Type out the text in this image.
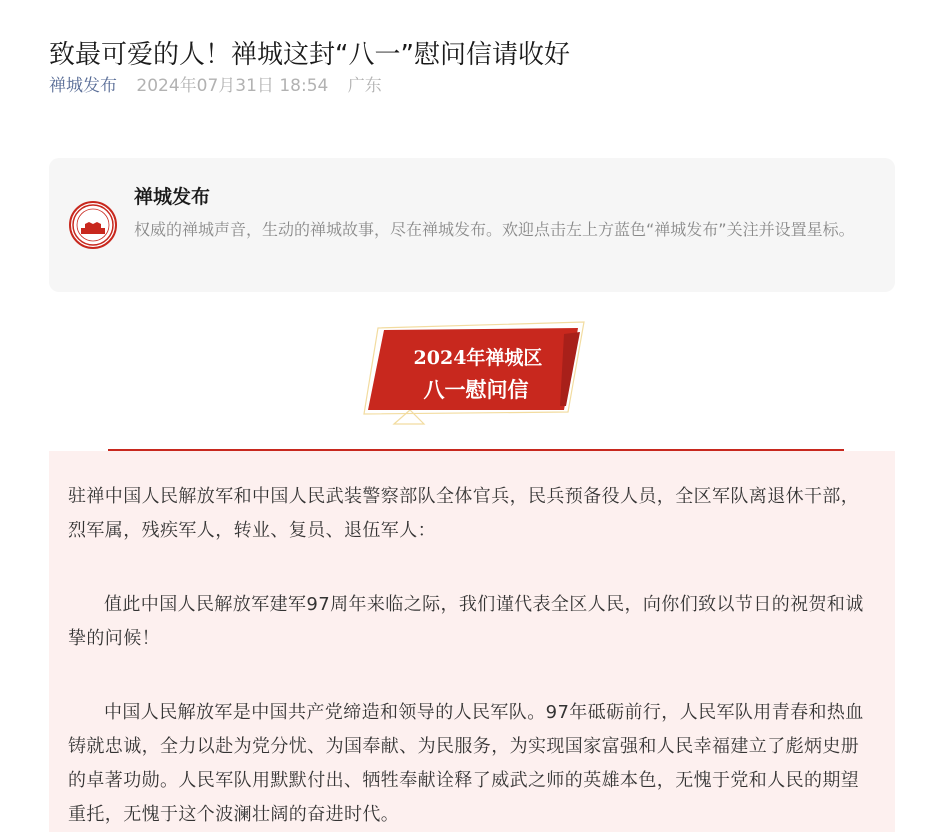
致最可爱的人！禅城这封“八一”慰问信请收好
禅城发布 2024年07月31日 18:54 广东
禅城发布
权威的禅城声音，生动的禅城故事，尽在禅城发布。欢迎点击左上方蓝色“禅城发布”关注并设置星标。
2024年禅城区
八一慰问信

驻禅中国人民解放军和中国人民武装警察部队全体官兵，民兵预备役人员，全区军队离退休干部，烈军属，残疾军人，转业、复员、退伍军人：

值此中国人民解放军建军97周年来临之际，我们谨代表全区人民，向你们致以节日的祝贺和诚挚的问候！

中国人民解放军是中国共产党缔造和领导的人民军队。97年砥砺前行，人民军队用青春和热血铸就忠诚，全力以赴为党分忧、为国奉献、为民服务，为实现国家富强和人民幸福建立了彪炳史册的卓著功勋。人民军队用默默付出、牺牲奉献诠释了威武之师的英雄本色，无愧于党和人民的期望重托，无愧于这个波澜壮阔的奋进时代。
